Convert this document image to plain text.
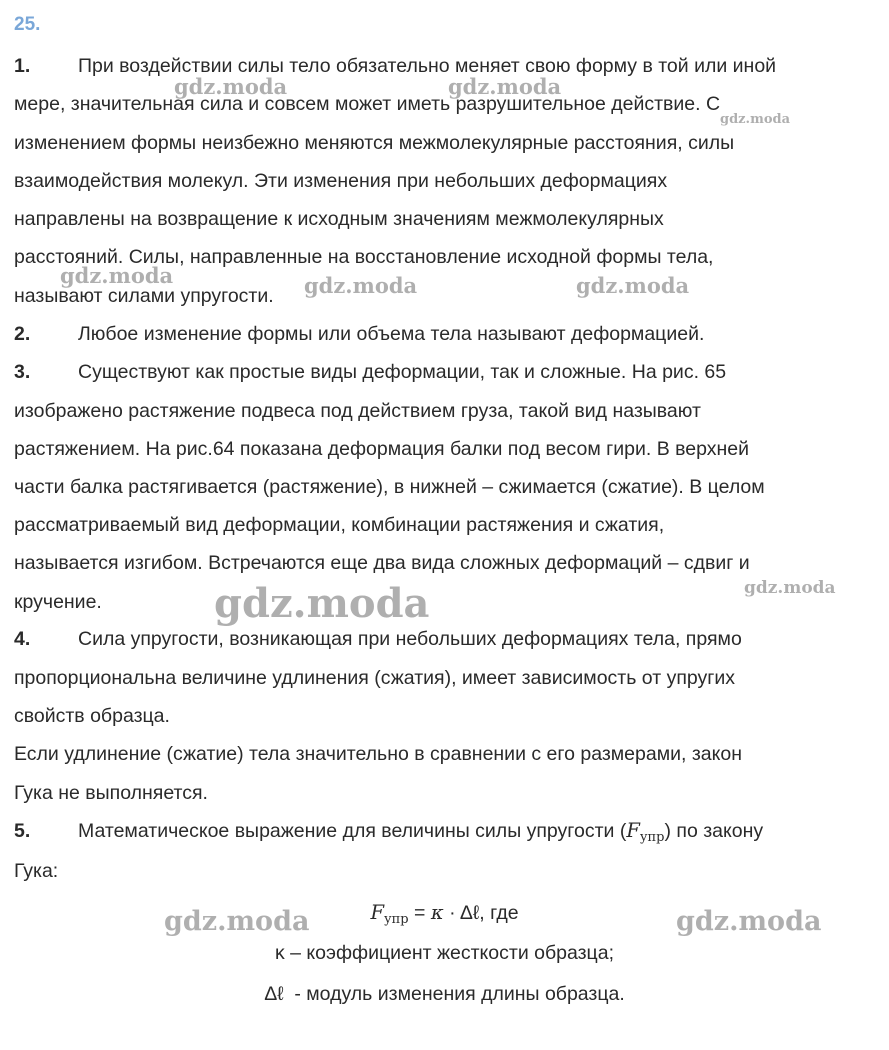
25.
1. При воздействии силы тело обязательно меняет свою форму в той или иной
мере, значительная сила и совсем может иметь разрушительное действие. С
изменением формы неизбежно меняются межмолекулярные расстояния, силы
взаимодействия молекул. Эти изменения при небольших деформациях
направлены на возвращение к исходным значениям межмолекулярных
расстояний. Силы, направленные на восстановление исходной формы тела,
называют силами упругости.
2. Любое изменение формы или объема тела называют деформацией.
3. Существуют как простые виды деформации, так и сложные. На рис. 65
изображено растяжение подвеса под действием груза, такой вид называют
растяжением. На рис.64 показана деформация балки под весом гири. В верхней
части балка растягивается (растяжение), в нижней – сжимается (сжатие). В целом
рассматриваемый вид деформации, комбинации растяжения и сжатия,
называется изгибом. Встречаются еще два вида сложных деформаций – сдвиг и
кручение.
4. Сила упругости, возникающая при небольших деформациях тела, прямо
пропорциональна величине удлинения (сжатия), имеет зависимость от упругих
свойств образца.
Если удлинение (сжатие) тела значительно в сравнении с его размерами, закон
Гука не выполняется.
5. Математическое выражение для величины силы упругости $(F_{упр})$ по закону
Гука:
$F_{упр} = \kappa$ · Δℓ, где
κ – коэффициент жесткости образца;
Δℓ  - модуль изменения длины образца.
gdz.moda	gdz.moda
gdz.moda
gdz.moda	gdz.moda	gdz.moda
gdz.moda	gdz.moda
gdz.moda	gdz.moda
